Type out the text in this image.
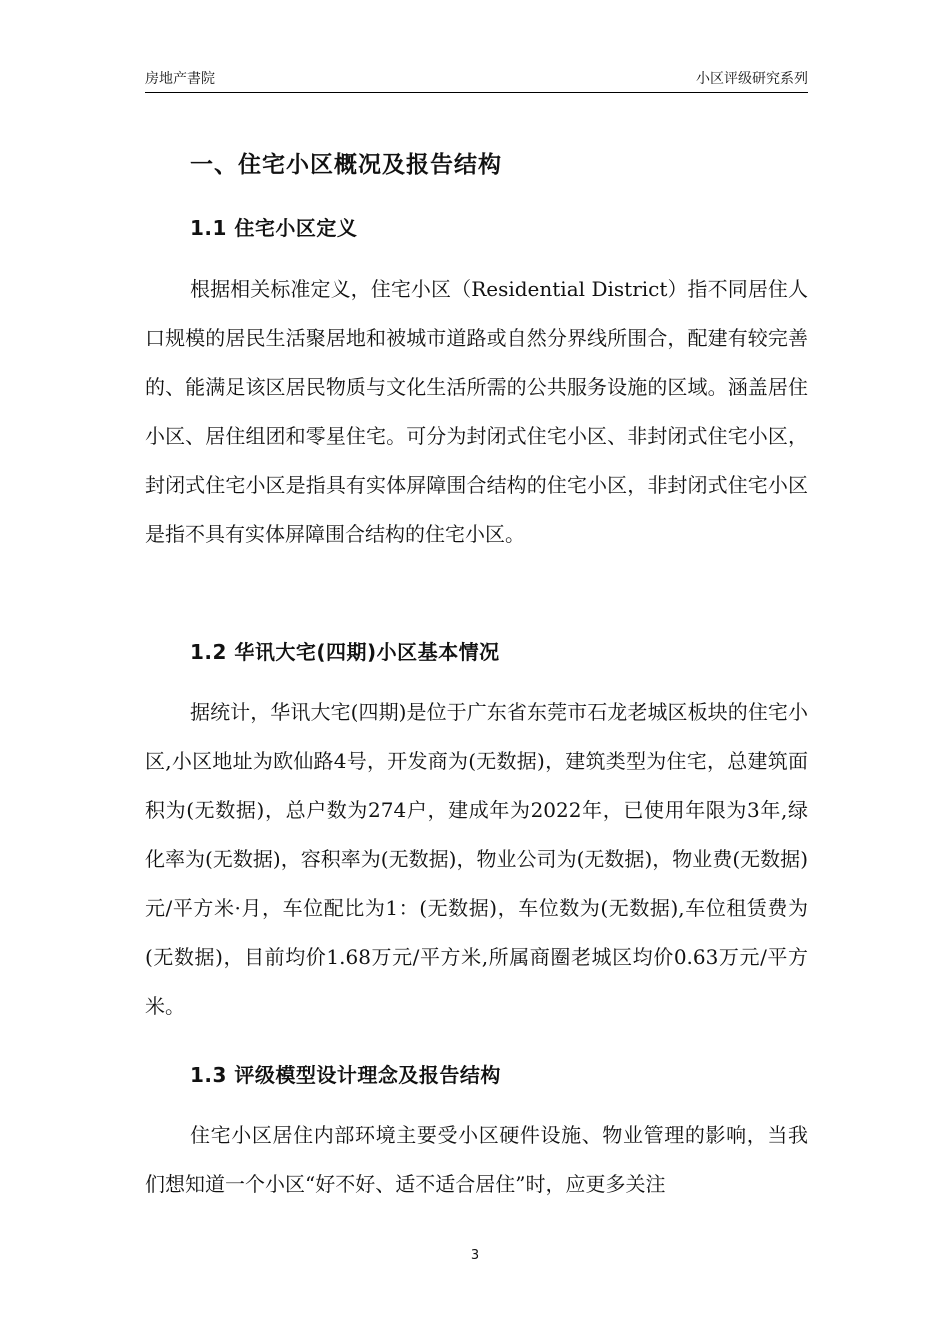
房地产書院	小区评级研究系列
一、住宅小区概况及报告结构
1.1 住宅小区定义

根据相关标准定义，住宅小区（Residential District）指不同居住人口规模的居民生活聚居地和被城市道路或自然分界线所围合，配建有较完善的、能满足该区居民物质与文化生活所需的公共服务设施的区域。涵盖居住小区、居住组团和零星住宅。可分为封闭式住宅小区、非封闭式住宅小区，封闭式住宅小区是指具有实体屏障围合结构的住宅小区，非封闭式住宅小区是指不具有实体屏障围合结构的住宅小区。

1.2 华讯大宅(四期)小区基本情况

据统计，华讯大宅(四期)是位于广东省东莞市石龙老城区板块的住宅小区,小区地址为欧仙路4号，开发商为(无数据)，建筑类型为住宅，总建筑面积为(无数据)，总户数为274户，建成年为2022年，已使用年限为3年,绿化率为(无数据)，容积率为(无数据)，物业公司为(无数据)，物业费(无数据)元/平方米·月，车位配比为1：(无数据)，车位数为(无数据),车位租赁费为(无数据)，目前均价1.68万元/平方米,所属商圈老城区均价0.63万元/平方米。

1.3 评级模型设计理念及报告结构

住宅小区居住内部环境主要受小区硬件设施、物业管理的影响，当我们想知道一个小区“好不好、适不适合居住”时，应更多关注

3
